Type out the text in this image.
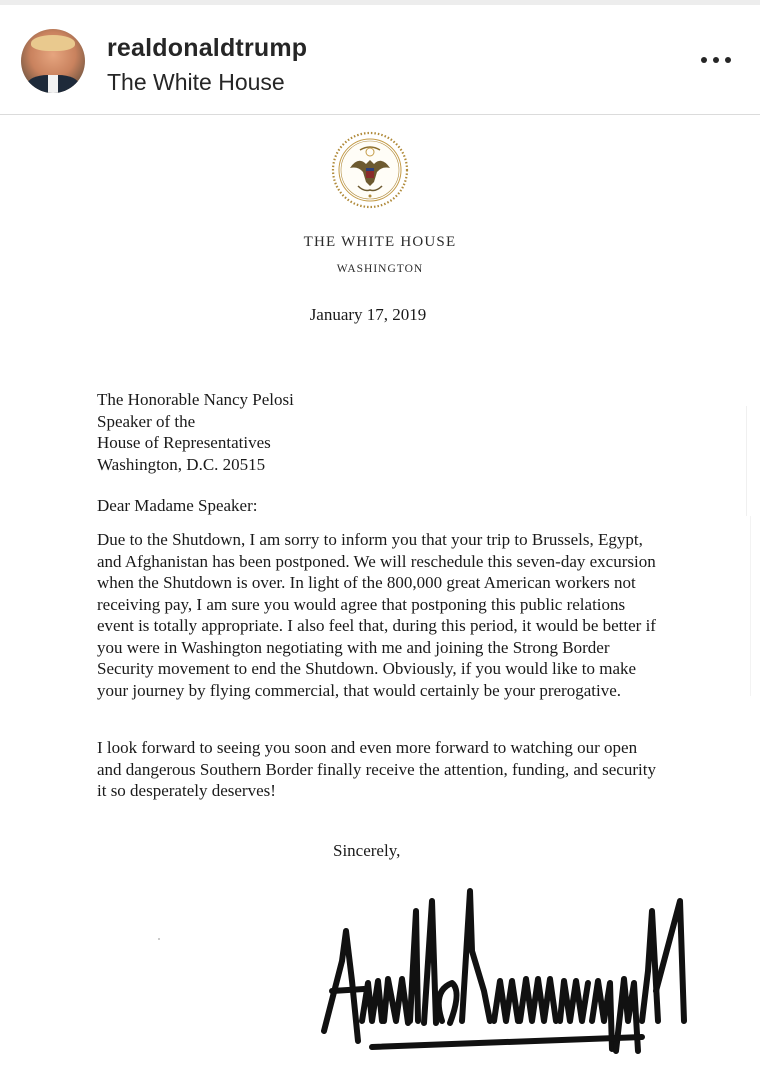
realdonaldtrump
The White House
THE WHITE HOUSE
WASHINGTON
January 17, 2019
The Honorable Nancy Pelosi
Speaker of the
House of Representatives
Washington, D.C. 20515
Dear Madame Speaker:

Due to the Shutdown, I am sorry to inform you that your trip to Brussels, Egypt, and Afghanistan has been postponed. We will reschedule this seven-day excursion when the Shutdown is over. In light of the 800,000 great American workers not receiving pay, I am sure you would agree that postponing this public relations event is totally appropriate. I also feel that, during this period, it would be better if you were in Washington negotiating with me and joining the Strong Border Security movement to end the Shutdown. Obviously, if you would like to make your journey by flying commercial, that would certainly be your prerogative.

I look forward to seeing you soon and even more forward to watching our open and dangerous Southern Border finally receive the attention, funding, and security it so desperately deserves!

Sincerely,
